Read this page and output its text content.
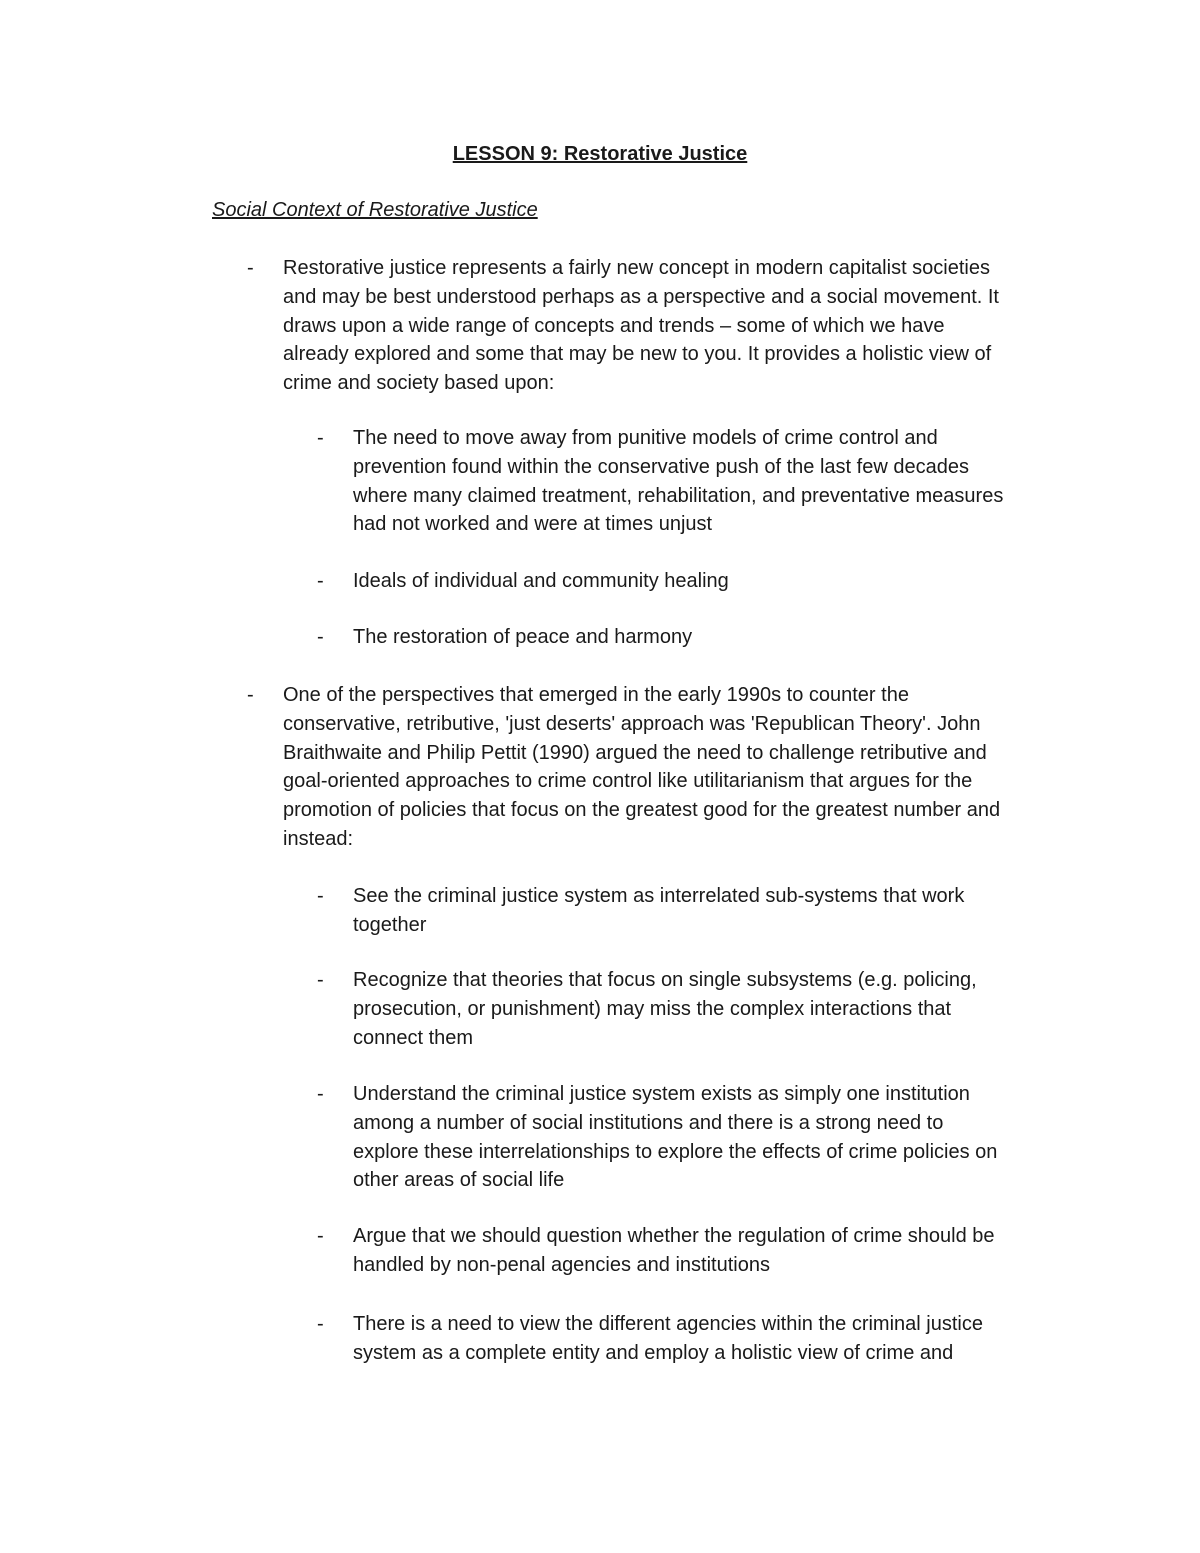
LESSON 9: Restorative Justice
Social Context of Restorative Justice
- Restorative justice represents a fairly new concept in modern capitalist societies
and may be best understood perhaps as a perspective and a social movement. It
draws upon a wide range of concepts and trends – some of which we have
already explored and some that may be new to you. It provides a holistic view of
crime and society based upon:
- The need to move away from punitive models of crime control and
prevention found within the conservative push of the last few decades
where many claimed treatment, rehabilitation, and preventative measures
had not worked and were at times unjust
- Ideals of individual and community healing
- The restoration of peace and harmony
- One of the perspectives that emerged in the early 1990s to counter the
conservative, retributive, 'just deserts' approach was 'Republican Theory'. John
Braithwaite and Philip Pettit (1990) argued the need to challenge retributive and
goal-oriented approaches to crime control like utilitarianism that argues for the
promotion of policies that focus on the greatest good for the greatest number and
instead:
- See the criminal justice system as interrelated sub-systems that work
together
- Recognize that theories that focus on single subsystems (e.g. policing,
prosecution, or punishment) may miss the complex interactions that
connect them
- Understand the criminal justice system exists as simply one institution
among a number of social institutions and there is a strong need to
explore these interrelationships to explore the effects of crime policies on
other areas of social life
- Argue that we should question whether the regulation of crime should be
handled by non-penal agencies and institutions
- There is a need to view the different agencies within the criminal justice
system as a complete entity and employ a holistic view of crime and
